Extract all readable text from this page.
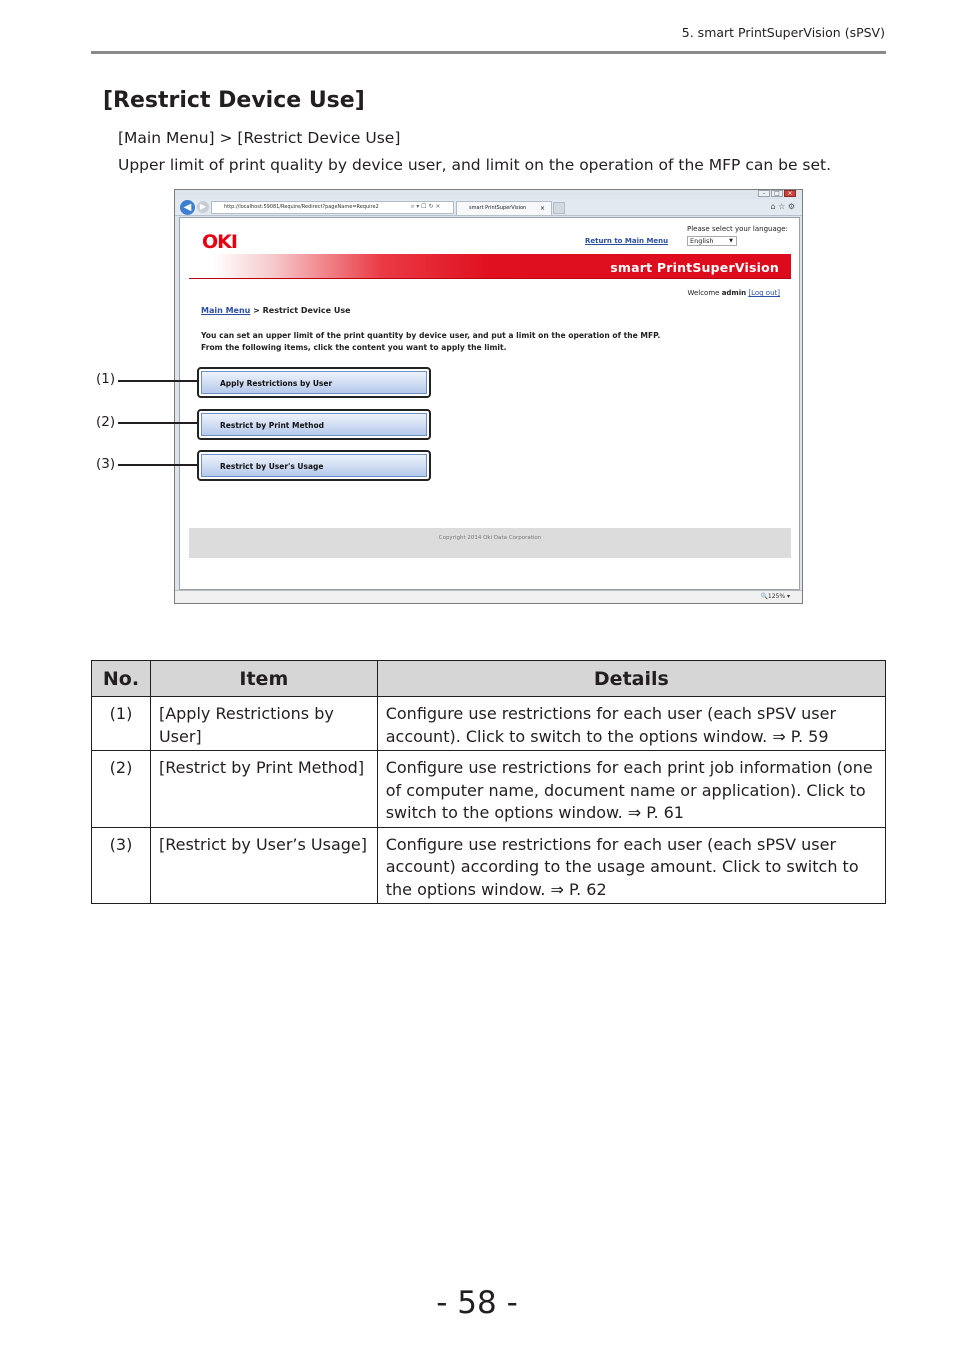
5. smart PrintSuperVision (sPSV)
[Restrict Device Use]
[Main Menu] > [Restrict Device Use]
Upper limit of print quality by device user, and limit on the operation of the MFP can be set.
–	□	×
◀	▶	http://localhost:59081/Require/Redirect?pageName=Require2	⌕ ▾ ☐ ↻ ×	smart PrintSuperVision ×	⌂ ☆ ⚙
OKI	Return to Main Menu
Please select your language:
English	▼
smart PrintSuperVision
Welcome admin [Log out]
Main Menu > Restrict Device Use
You can set an upper limit of the print quantity by device user, and put a limit on the operation of the MFP.
From the following items, click the content you want to apply the limit.
Apply Restrictions by User
Restrict by Print Method
Restrict by User's Usage
Copyright 2014 Oki Data Corporation
🔍125% ▾
(1)
(2)
(3)
No.	Item	Details
(1)	[Apply Restrictions by User]	Configure use restrictions for each user (each sPSV user account). Click to switch to the options window. ⇒ P. 59
(2)	[Restrict by Print Method]	Configure use restrictions for each print job information (one of computer name, document name or application). Click to switch to the options window. ⇒ P. 61
(3)	[Restrict by User’s Usage]	Configure use restrictions for each user (each sPSV user account) according to the usage amount. Click to switch to the options window. ⇒ P. 62
- 58 -
